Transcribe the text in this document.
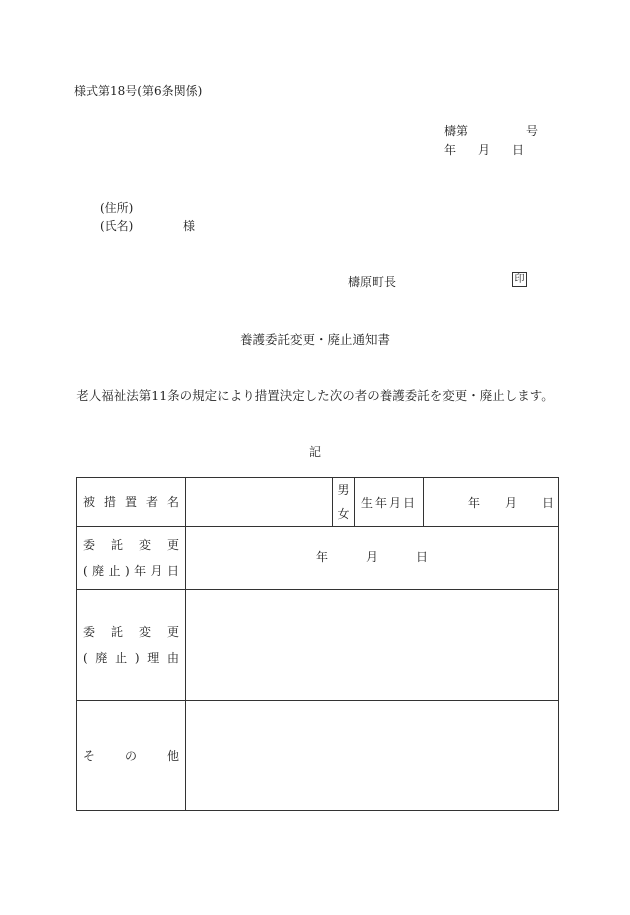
様式第18号(第6条関係)
檮第	号
年 月 日
(住所)
(氏名)	様
檮原町長	印
養護委託変更・廃止通知書
老人福祉法第11条の規定により措置決定した次の者の養護委託を変更・廃止します。
記
被措置者名		男
女	生年月日	年 月 日

委託変更
(廃止)年月日	年 月 日			

委託変更
(廃止)理由				

その他				
